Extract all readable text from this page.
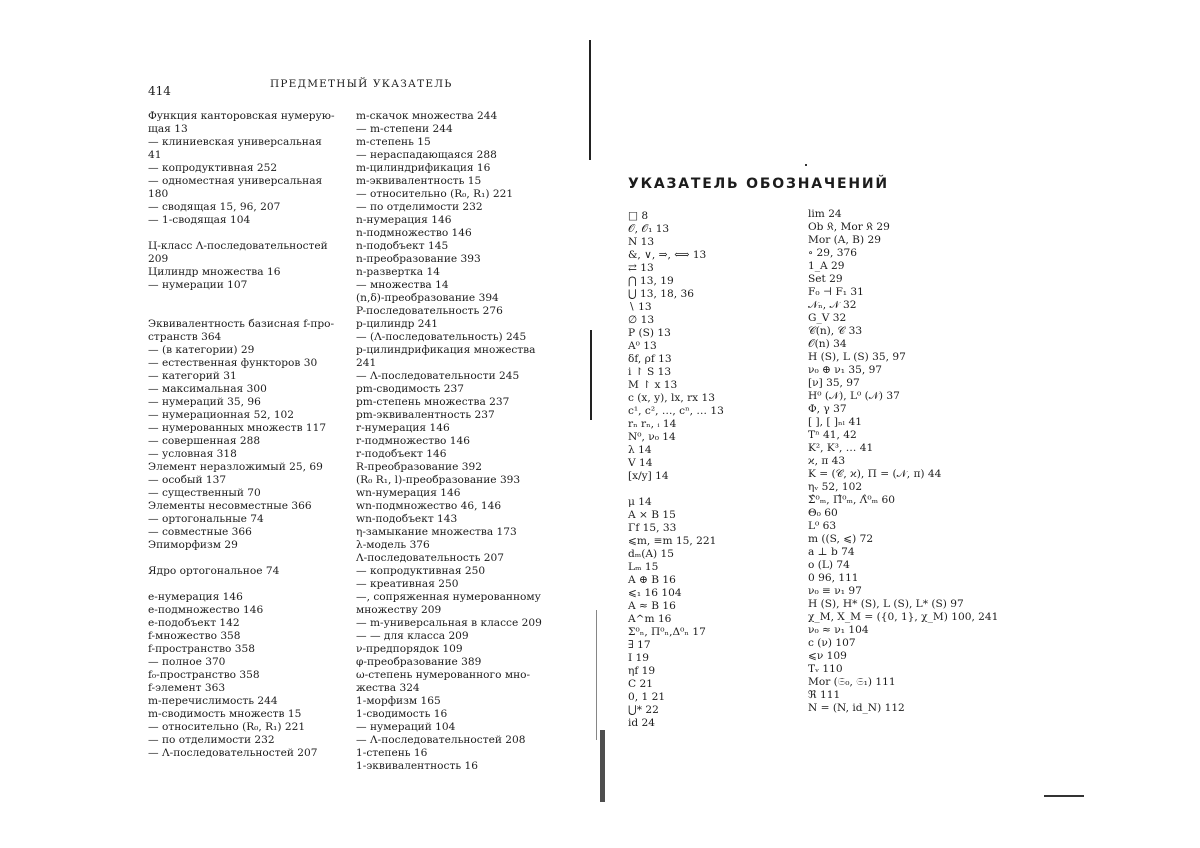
414	ПРЕДМЕТНЫЙ УКАЗАТЕЛЬ
Функция канторовская нумерую-
щая 13
— клиниевская универсальная
41
— копродуктивная 252
— одноместная универсальная
180
— сводящая 15, 96, 207
— 1-сводящая 104
Ц-класс Λ-последовательностей
209
Цилиндр множества 16
— нумерации 107
Эквивалентность базисная f-про-
странств 364
— (в категории) 29
— естественная функторов 30
— категорий 31
— максимальная 300
— нумераций 35, 96
— нумерационная 52, 102
— нумерованных множеств 117
— совершенная 288
— условная 318
Элемент неразложимый 25, 69
— особый 137
— существенный 70
Элементы несовместные 366
— ортогональные 74
— совместные 366
Эпиморфизм 29
Ядро ортогональное 74
e-нумерация 146
e-подмножество 146
e-подобъект 142
f-множество 358
f-пространство 358
— полное 370
f₀-пространство 358
f-элемент 363
m-перечислимость 244
m-сводимость множеств 15
— относительно (R₀, R₁) 221
— по отделимости 232
— Λ-последовательностей 207
m-скачок множества 244
— m-степени 244
m-степень 15
— нераспадающаяся 288
m-цилиндрификация 16
m-эквивалентность 15
— относительно (R₀, R₁) 221
— по отделимости 232
n-нумерация 146
n-подмножество 146
n-подобъект 145
n-преобразование 393
n-развертка 14
— множества 14
(n,δ)-преобразование 394
P-последовательность 276
p-цилиндр 241
— (Λ-последовательность) 245
p-цилиндрификация множества
241
— Λ-последовательности 245
pm-сводимость 237
pm-степень множества 237
pm-эквивалентность 237
r-нумерация 146
r-подмножество 146
r-подобъект 146
R-преобразование 392
(R₀ R₁, l)-преобразование 393
wn-нумерация 146
wn-подмножество 46, 146
wn-подобъект 143
η-замыкание множества 173
λ-модель 376
Λ-последовательность 207
— копродуктивная 250
— креативная 250
—, сопряженная нумерованному
множеству 209
— m-универсальная в классе 209
— — для класса 209
ν-предпорядок 109
φ-преобразование 389
ω-степень нумерованного мно-
жества 324
1-морфизм 165
1-сводимость 16
— нумераций 104
— Λ-последовательностей 208
1-степень 16
1-эквивалентность 16
УКАЗАТЕЛЬ ОБОЗНАЧЕНИЙ
□ 8
𝒪, 𝒪₁ 13
N 13
&, ∨, ⇒, ⟺ 13
⇄ 13
⋂ 13, 19
⋃ 13, 18, 36
∖ 13
∅ 13
P (S) 13
A⁰ 13
δf, ρf 13
i ↾ S 13
M ↾ x 13
c (x, y), lx, rx 13
c¹, c², …, cⁿ, … 13
rₙ rₙ, ᵢ 14
N⁰, ν₀ 14
λ 14
V 14
[x/y] 14
μ 14
A × B 15
Γf 15, 33
⩽m, ≡m 15, 221
dₘ(A) 15
Lₘ 15
A ⊕ B 16
⩽₁ 16 104
A ≈ B 16
A^m 16
Σ⁰ₙ, Π⁰ₙ,Δ⁰ₙ 17
∃ 17
I 19
ηf 19
C 21
0, 1 21
⋃* 22
id 24
lim 24
Ob 𝔎, Mor 𝔎 29
Mor (A, B) 29
∘ 29, 376
1_A 29
Set 29
F₀ ⊣ F₁ 31
𝒩ₙ, 𝒩 32
G_V 32
𝒞(n), 𝒞 33
𝒪(n) 34
H (S), L (S) 35, 97
ν₀ ⊕ ν₁ 35, 97
[ν] 35, 97
H⁰ (𝒩), L⁰ (𝒩) 37
Φ, γ 37
[ ], [ ]ₙₗ 41
Tⁿ 41, 42
K², K³, … 41
ϰ, π 43
K = (𝒞, ϰ), Π = (𝒩, π) 44
ηᵥ 52, 102
Σ̂⁰ₘ, Π̂⁰ₘ, Λ̂⁰ₘ 60
Θ₀ 60
L⁰ 63
m ((S, ⩽) 72
a ⊥ b 74
o (L) 74
0 96, 111
ν₀ ≡ ν₁ 97
H (S), H* (S), L (S), L* (S) 97
χ_M, X_M = ({0, 1}, χ_M) 100, 241
ν₀ ≈ ν₁ 104
c (ν) 107
⩽ν 109
Tᵥ 110
Mor (𝔖₀, 𝔖₁) 111
ℜ 111
N = (N, id_N) 112
